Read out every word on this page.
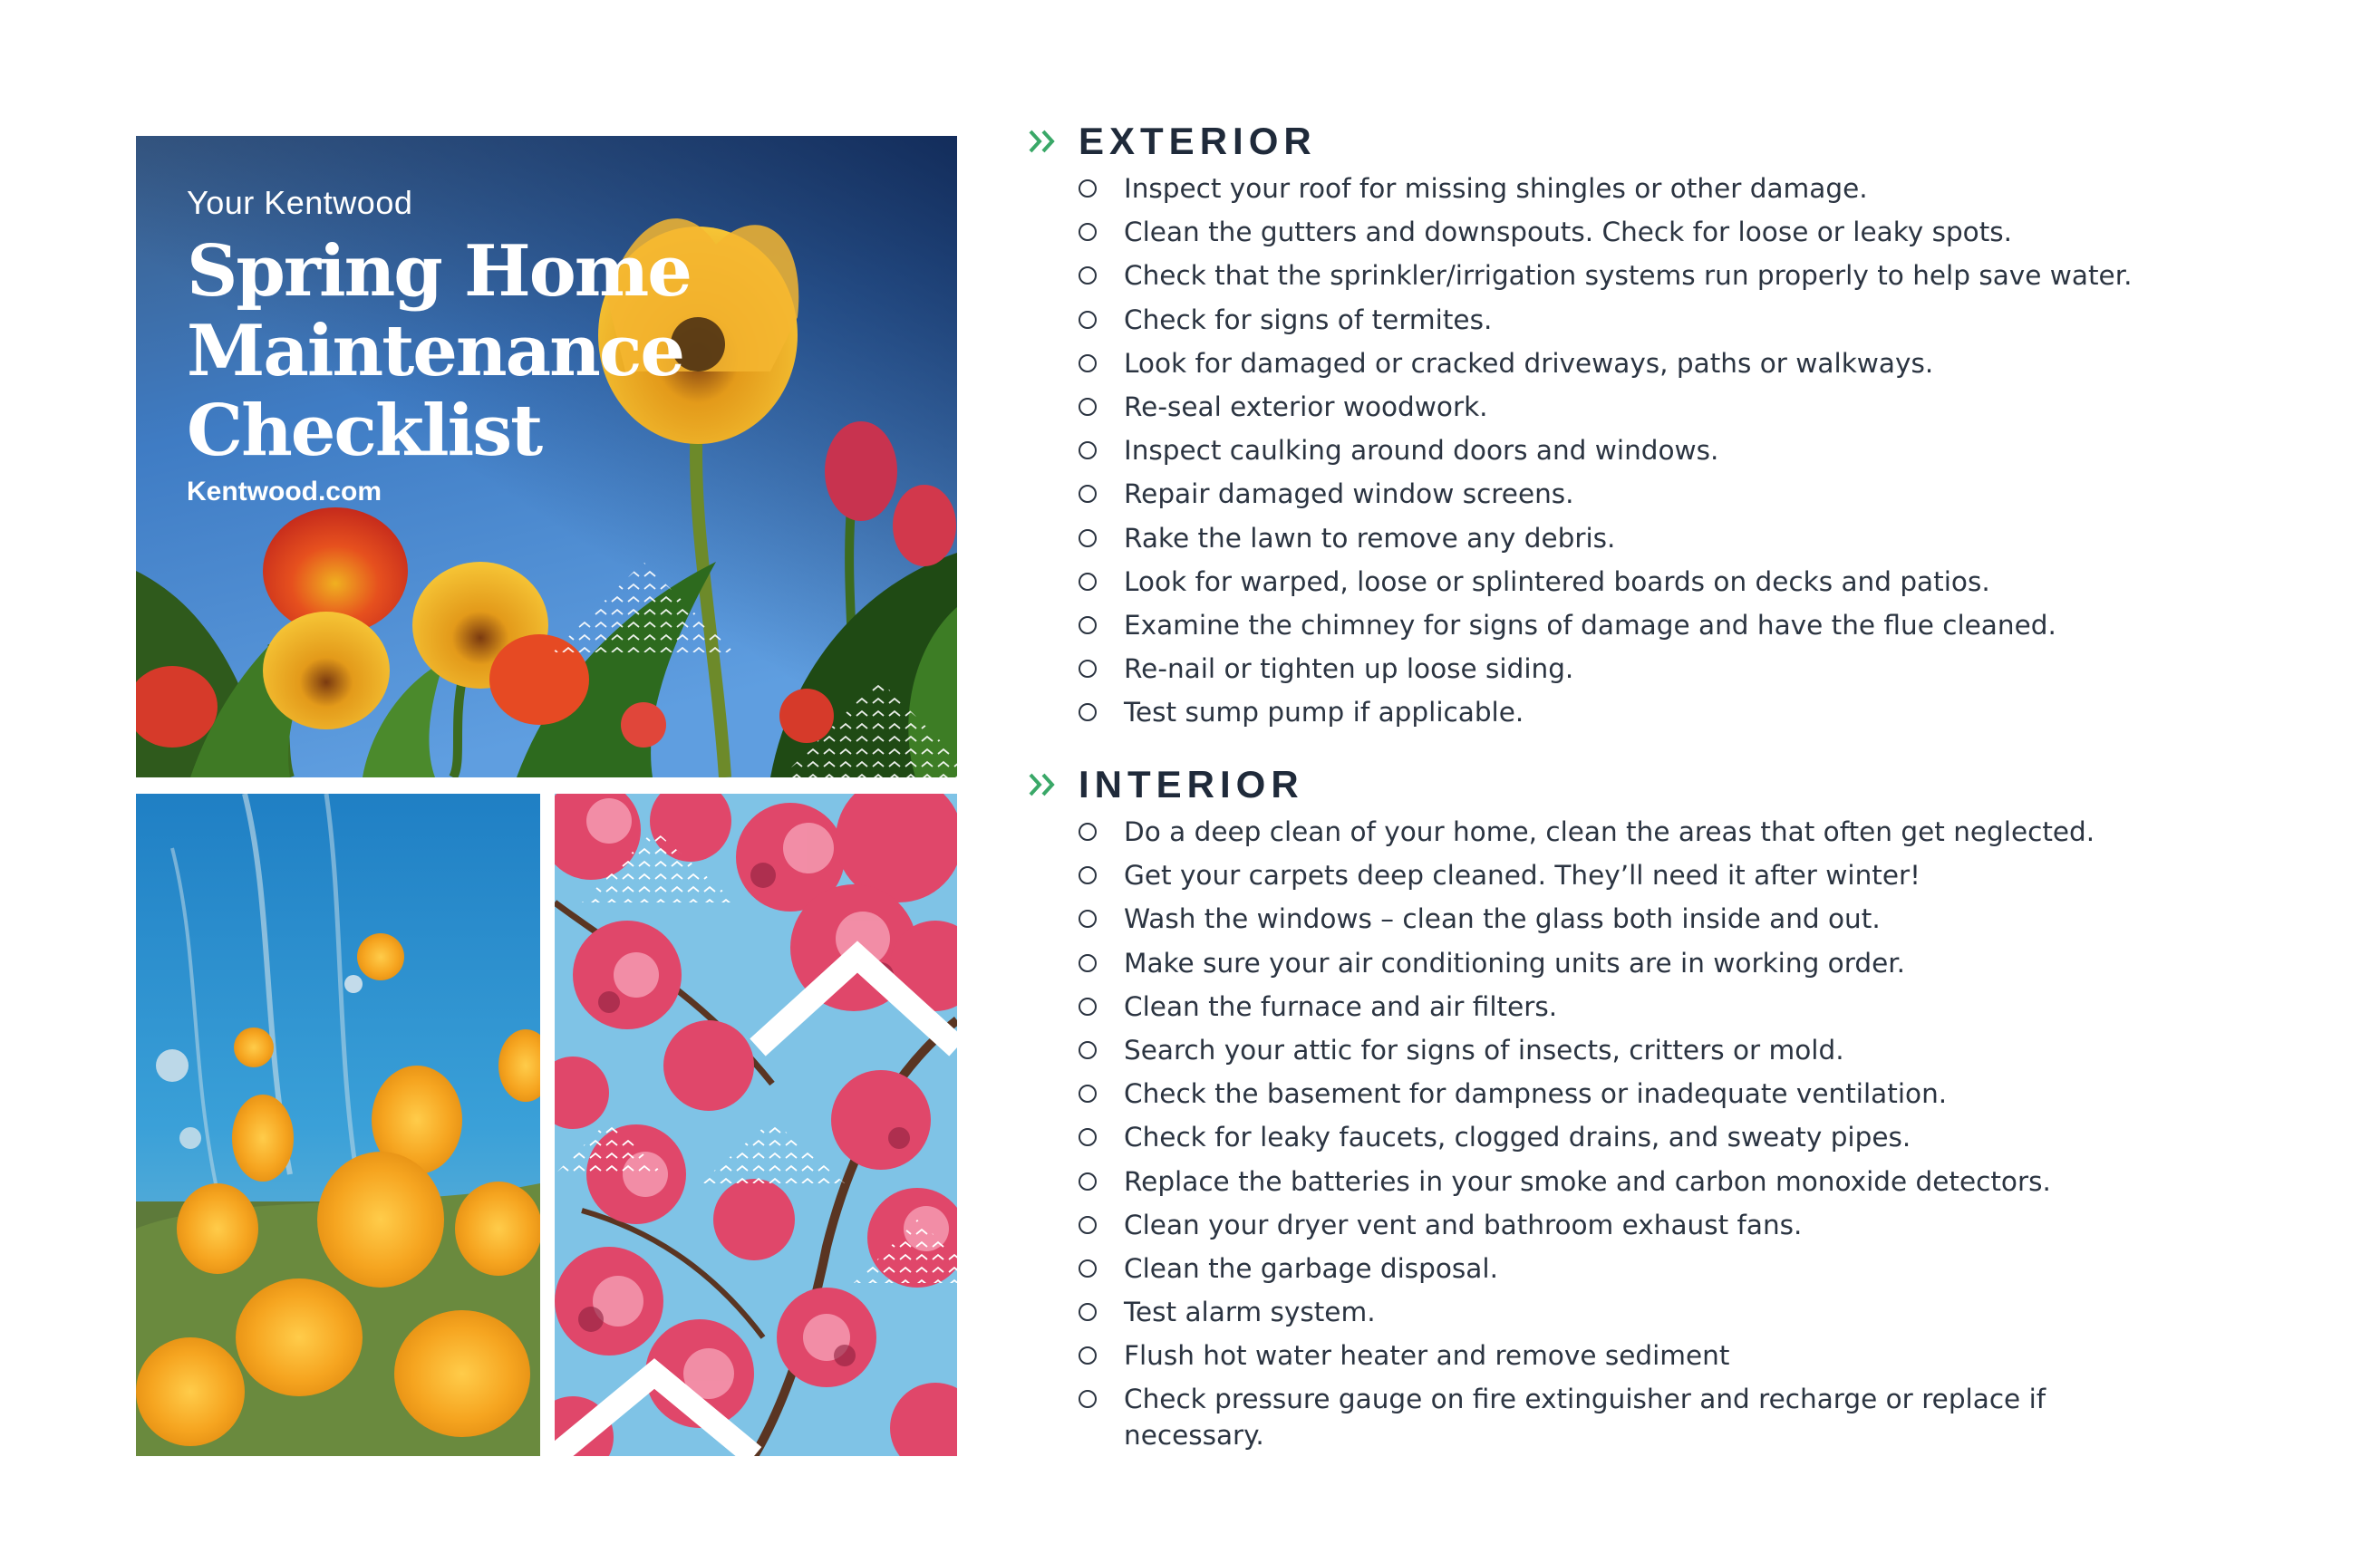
Your Kentwood
Spring Home Maintenance Checklist
Kentwood.com
EXTERIOR
Inspect your roof for missing shingles or other damage.
Clean the gutters and downspouts. Check for loose or leaky spots.
Check that the sprinkler/irrigation systems run properly to help save water.
Check for signs of termites.
Look for damaged or cracked driveways, paths or walkways.
Re-seal exterior woodwork.
Inspect caulking around doors and windows.
Repair damaged window screens.
Rake the lawn to remove any debris.
Look for warped, loose or splintered boards on decks and patios.
Examine the chimney for signs of damage and have the flue cleaned.
Re-nail or tighten up loose siding.
Test sump pump if applicable.
INTERIOR
Do a deep clean of your home, clean the areas that often get neglected.
Get your carpets deep cleaned. They’ll need it after winter!
Wash the windows – clean the glass both inside and out.
Make sure your air conditioning units are in working order.
Clean the furnace and air filters.
Search your attic for signs of insects, critters or mold.
Check the basement for dampness or inadequate ventilation.
Check for leaky faucets, clogged drains, and sweaty pipes.
Replace the batteries in your smoke and carbon monoxide detectors.
Clean your dryer vent and bathroom exhaust fans.
Clean the garbage disposal.
Test alarm system.
Flush hot water heater and remove sediment
Check pressure gauge on fire extinguisher and recharge or replace if necessary.
